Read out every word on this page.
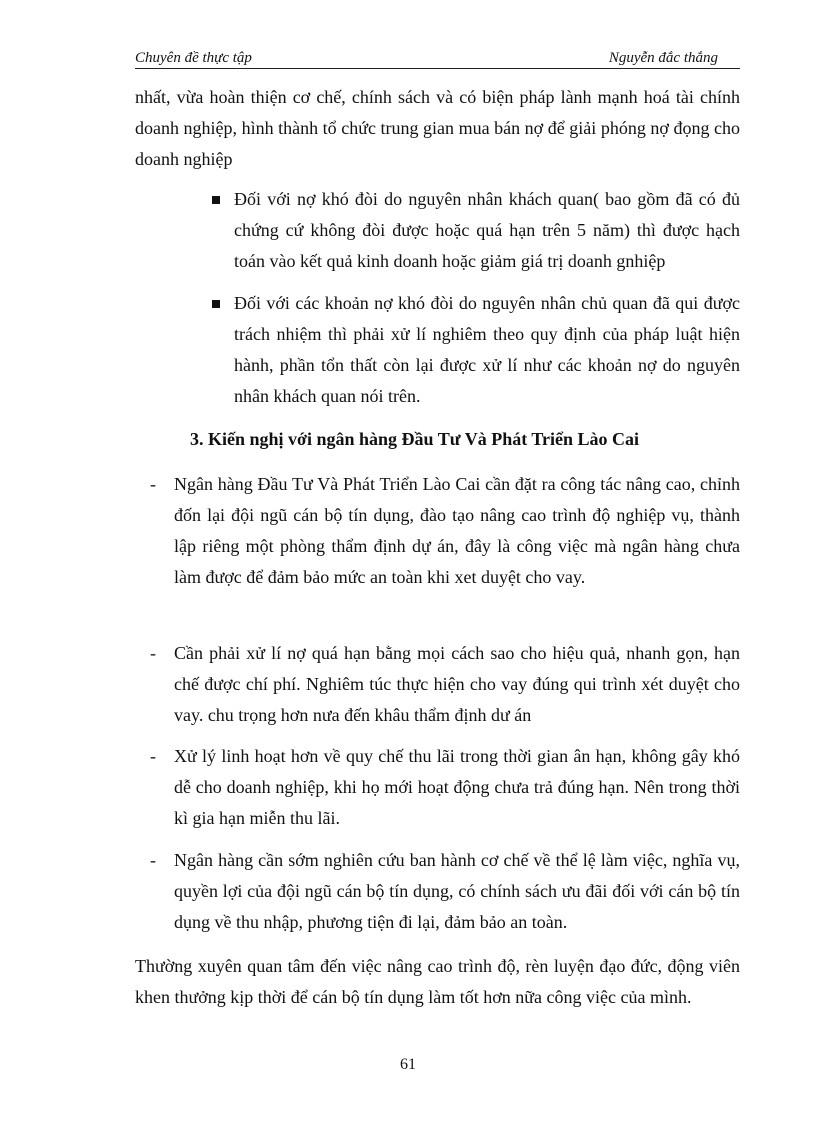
Chuyên đề thực tập	Nguyễn đắc thắng
nhất, vừa hoàn thiện cơ chế, chính sách và có biện pháp lành mạnh hoá tài chính doanh nghiệp, hình thành tổ chức trung gian mua bán nợ để giải phóng nợ đọng cho doanh nghiệp
Đối với nợ khó đòi do nguyên nhân khách quan( bao gồm đã có đủ chứng cứ không đòi được hoặc quá hạn trên 5 năm) thì được hạch toán vào kết quả kinh doanh hoặc giảm giá trị doanh gnhiệp
Đối với các khoản nợ khó đòi do nguyên nhân chủ quan đã qui được trách nhiệm thì phải xử lí nghiêm theo quy định của pháp luật hiện hành, phần tổn thất còn lại được xử lí như các khoản nợ do nguyên nhân khách quan nói trên.
3. Kiến nghị với ngân hàng Đầu Tư Và Phát Triển Lào Cai
- Ngân hàng Đầu Tư Và Phát Triển Lào Cai cần đặt ra công tác nâng cao, chỉnh đốn lại đội ngũ cán bộ tín dụng, đào tạo nâng cao trình độ nghiệp vụ, thành lập riêng một phòng thẩm định dự án, đây là công việc mà ngân hàng chưa làm được để đảm bảo mức an toàn khi xet duyệt cho vay.
- Cần phải xử lí nợ quá hạn bằng mọi cách sao cho hiệu quả, nhanh gọn, hạn chế được chí phí. Nghiêm túc thực hiện cho vay đúng qui trình xét duyệt cho vay. chu trọng hơn nưa đến khâu thẩm định dư án
- Xử lý linh hoạt hơn về quy chế thu lãi trong thời gian ân hạn, không gây khó dễ cho doanh nghiệp, khi họ mới hoạt động chưa trả đúng hạn. Nên trong thời kì gia hạn miễn thu lãi.
- Ngân hàng cần sớm nghiên cứu ban hành cơ chế về thể lệ làm việc, nghĩa vụ, quyền lợi của đội ngũ cán bộ tín dụng, có chính sách ưu đãi đối với cán bộ tín dụng về thu nhập, phương tiện đi lại, đảm bảo an toàn.
Thường xuyên quan tâm đến việc nâng cao trình độ, rèn luyện đạo đức, động viên khen thưởng kịp thời để cán bộ tín dụng làm tốt hơn nữa công việc của mình.
61
